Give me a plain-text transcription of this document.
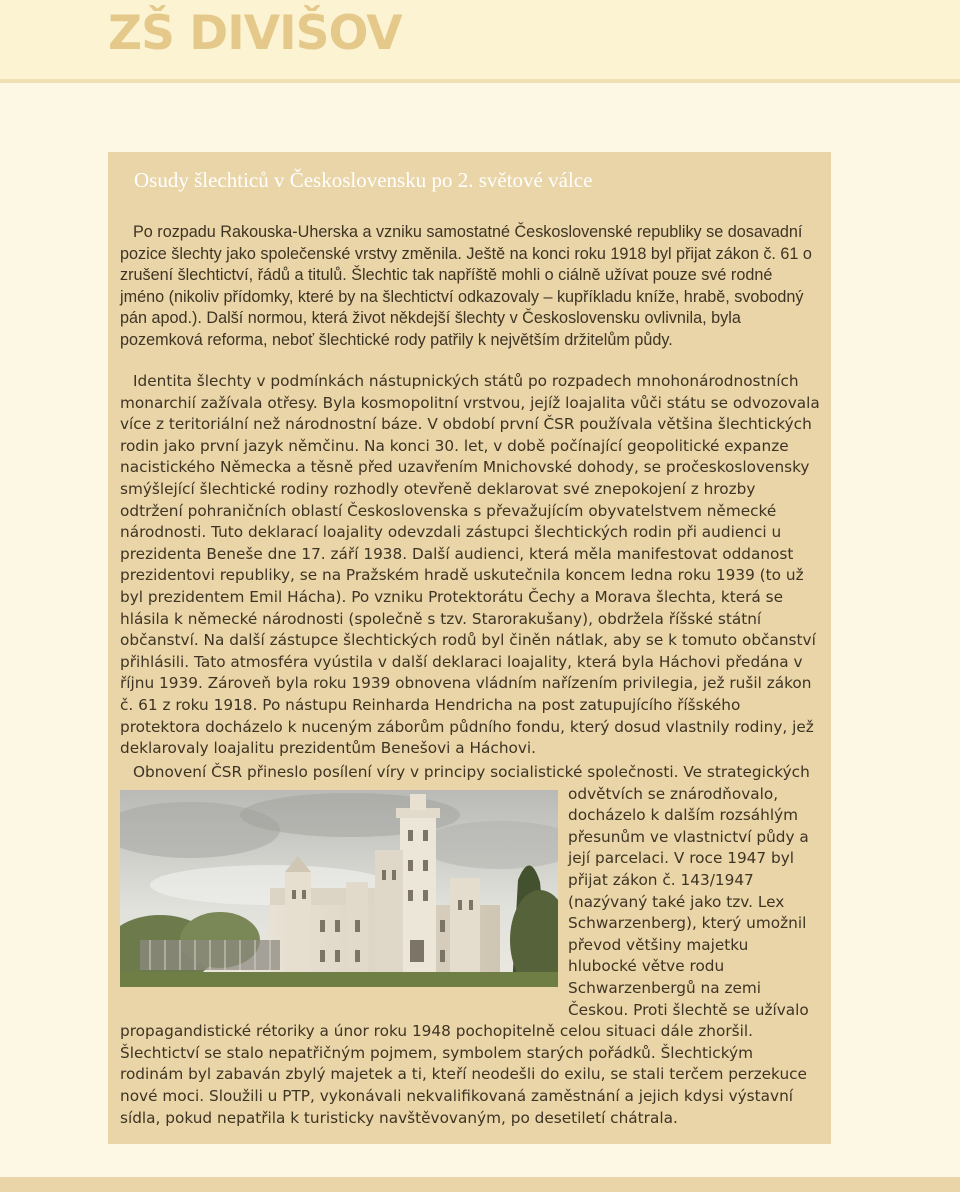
ZŠ DIVIŠOV
Osudy šlechticů v Československu po 2. světové válce

Po rozpadu Rakouska-Uherska a vzniku samostatné Československé republiky se dosavadní pozice šlechty jako společenské vrstvy změnila. Ještě na konci roku 1918 byl přijat zákon č. 61 o zrušení šlechtictví, řádů a titulů. Šlechtic tak napříště mohli o ciálně užívat pouze své rodné jméno (nikoliv přídomky, které by na šlechtictví odkazovaly – kupříkladu kníže, hrabě, svobodný pán apod.). Další normou, která život někdejší šlechty v Československu ovlivnila, byla pozemková reforma, neboť šlechtické rody patřily k největším držitelům půdy.

Identita šlechty v podmínkách nástupnických států po rozpadech mnohonárodnostních monarchií zažívala otřesy. Byla kosmopolitní vrstvou, jejíž loajalita vůči státu se odvozovala více z teritoriální než národnostní báze. V období první ČSR používala většina šlechtických rodin jako první jazyk němčinu. Na konci 30. let, v době počínající geopolitické expanze nacistického Německa a těsně před uzavřením Mnichovské dohody, se pročeskoslovensky smýšlející šlechtické rodiny rozhodly otevřeně deklarovat své znepokojení z hrozby odtržení pohraničních oblastí Československa s převažujícím obyvatelstvem německé národnosti. Tuto deklarací loajality odevzdali zástupci šlechtických rodin při audienci u prezidenta Beneše dne 17. září 1938. Další audienci, která měla manifestovat oddanost prezidentovi republiky, se na Pražském hradě uskutečnila koncem ledna roku 1939 (to už byl prezidentem Emil Hácha). Po vzniku Protektorátu Čechy a Morava šlechta, která se hlásila k německé národnosti (společně s tzv. Starorakušany), obdržela říšské státní občanství. Na další zástupce šlechtických rodů byl činěn nátlak, aby se k tomuto občanství přihlásili. Tato atmosféra vyústila v další deklaraci loajality, která byla Háchovi předána v říjnu 1939. Zároveň byla roku 1939 obnovena vládním nařízením privilegia, jež rušil zákon č. 61 z roku 1918. Po nástupu Reinharda Hendricha na post zatupujícího říšského protektora docházelo k nuceným záborům půdního fondu, který dosud vlastnily rodiny, jež deklarovaly loajalitu prezidentům Benešovi a Háchovi.

Obnovení ČSR přineslo posílení víry v principy socialistické společnosti. Ve strategických
odvětvích se znárodňovalo, docházelo k dalším rozsáhlým přesunům ve vlastnictví půdy a její parcelaci. V roce 1947 byl přijat zákon č. 143/1947 (nazývaný také jako tzv. Lex Schwarzenberg), který umožnil převod většiny majetku hlubocké větve rodu Schwarzenbergů na zemi Českou. Proti šlechtě se užívalo propagandistické rétoriky a únor roku 1948 pochopitelně celou situaci dále zhoršil. Šlechtictví se stalo nepatřičným pojmem, symbolem starých pořádků. Šlechtickým rodinám byl zabaván zbylý majetek a ti, kteří neodešli do exilu, se stali terčem perzekuce nové moci. Sloužili u PTP, vykonávali nekvalifikovaná zaměstnání a jejich kdysi výstavní sídla, pokud nepatřila k turisticky navštěvovaným, po desetiletí chátrala.
